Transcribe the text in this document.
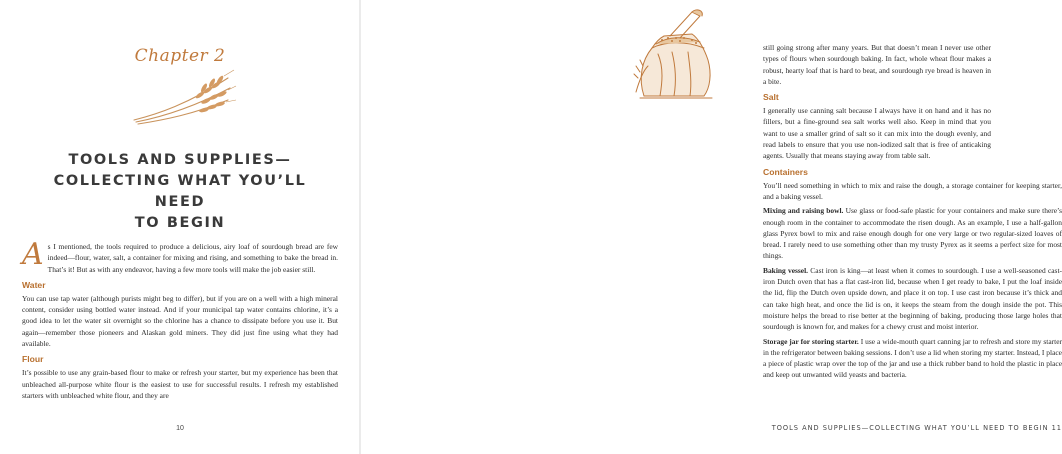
Chapter 2
TOOLS AND SUPPLIES—
COLLECTING WHAT YOU’LL NEED
TO BEGIN

As I mentioned, the tools required to produce a delicious, airy loaf of sourdough bread are few indeed—flour, water, salt, a container for mixing and rising, and something to bake the bread in. That’s it! But as with any endeavor, having a few more tools will make the job easier still.

Water

You can use tap water (although purists might beg to differ), but if you are on a well with a high mineral content, consider using bottled water instead. And if your municipal tap water contains chlorine, it’s a good idea to let the water sit overnight so the chlorine has a chance to dissipate before you use it. But again—remember those pioneers and Alaskan gold miners. They did just fine using what they had available.

Flour

It’s possible to use any grain-based flour to make or refresh your starter, but my experience has been that unbleached all-purpose white flour is the easiest to use for successful results. I refresh my established starters with unbleached white flour, and they are

10

still going strong after many years. But that doesn’t mean I never use other types of flours when sourdough baking. In fact, whole wheat flour makes a robust, hearty loaf that is hard to beat, and sourdough rye bread is heaven in a bite.

Salt

I generally use canning salt because I always have it on hand and it has no fillers, but a fine-ground sea salt works well also. Keep in mind that you want to use a smaller grind of salt so it can mix into the dough evenly, and read labels to ensure that you use non-iodized salt that is free of anticaking agents. Usually that means staying away from table salt.

Containers

You’ll need something in which to mix and raise the dough, a storage container for keeping starter, and a baking vessel.

Mixing and raising bowl. Use glass or food-safe plastic for your containers and make sure there’s enough room in the container to accommodate the risen dough. As an example, I use a half-gallon glass Pyrex bowl to mix and raise enough dough for one very large or two regular-sized loaves of bread. I rarely need to use something other than my trusty Pyrex as it seems a perfect size for most things.

Baking vessel. Cast iron is king—at least when it comes to sourdough. I use a well-seasoned cast-iron Dutch oven that has a flat cast-iron lid, because when I get ready to bake, I put the loaf inside the lid, flip the Dutch oven upside down, and place it on top. I use cast iron because it’s thick and can take high heat, and once the lid is on, it keeps the steam from the dough inside the pot. This moisture helps the bread to rise better at the beginning of baking, producing those large holes that sourdough is known for, and makes for a chewy crust and moist interior.

Storage jar for storing starter. I use a wide-mouth quart canning jar to refresh and store my starter in the refrigerator between baking sessions. I don’t use a lid when storing my starter. Instead, I place a piece of plastic wrap over the top of the jar and use a thick rubber band to hold the plastic in place and keep out unwanted wild yeasts and bacteria.

TOOLS AND SUPPLIES—COLLECTING WHAT YOU’LL NEED TO BEGIN 11
